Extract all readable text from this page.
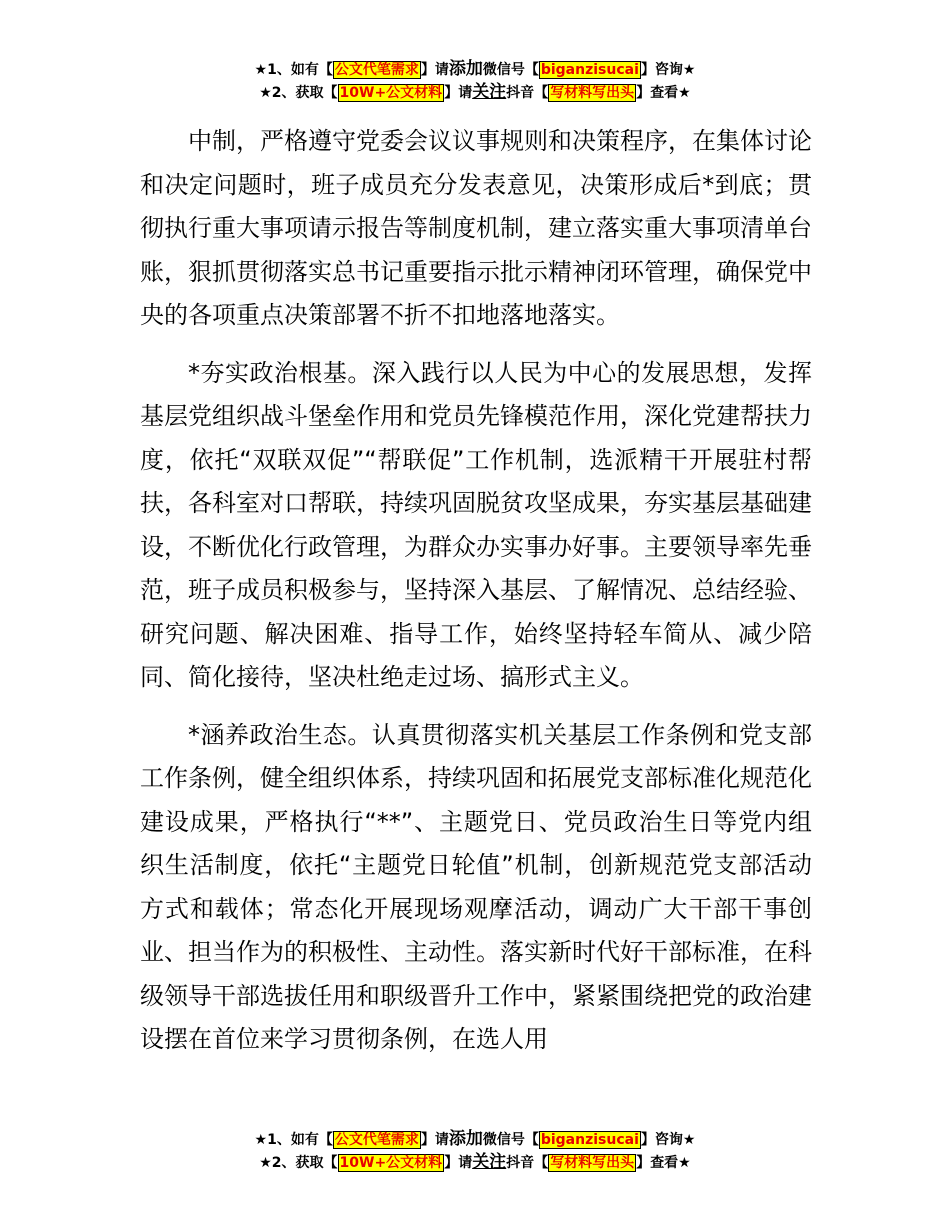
★1、如有【 公文代笔需求 】请添加微信号【 biganzisucai 】咨询★
★2、获取【 10W+公文材料 】请关注抖音【 写材料写出头 】查看★

中制，严格遵守党委会议议事规则和决策程序，在集体讨论和决定问题时，班子成员充分发表意见，决策形成后*到底；贯彻执行重大事项请示报告等制度机制，建立落实重大事项清单台账，狠抓贯彻落实总书记重要指示批示精神闭环管理，确保党中央的各项重点决策部署不折不扣地落地落实。

*夯实政治根基。深入践行以人民为中心的发展思想，发挥基层党组织战斗堡垒作用和党员先锋模范作用，深化党建帮扶力度，依托“双联双促”“帮联促”工作机制，选派精干开展驻村帮扶，各科室对口帮联，持续巩固脱贫攻坚成果，夯实基层基础建设，不断优化行政管理，为群众办实事办好事。主要领导率先垂范，班子成员积极参与，坚持深入基层、了解情况、总结经验、研究问题、解决困难、指导工作，始终坚持轻车简从、减少陪同、简化接待，坚决杜绝走过场、搞形式主义。

*涵养政治生态。认真贯彻落实机关基层工作条例和党支部工作条例，健全组织体系，持续巩固和拓展党支部标准化规范化建设成果，严格执行“**”、主题党日、党员政治生日等党内组织生活制度，依托“主题党日轮值”机制，创新规范党支部活动方式和载体；常态化开展现场观摩活动，调动广大干部干事创业、担当作为的积极性、主动性。落实新时代好干部标准，在科级领导干部选拔任用和职级晋升工作中，紧紧围绕把党的政治建设摆在首位来学习贯彻条例，在选人用

★1、如有【 公文代笔需求 】请添加微信号【 biganzisucai 】咨询★
★2、获取【 10W+公文材料 】请关注抖音【 写材料写出头 】查看★
